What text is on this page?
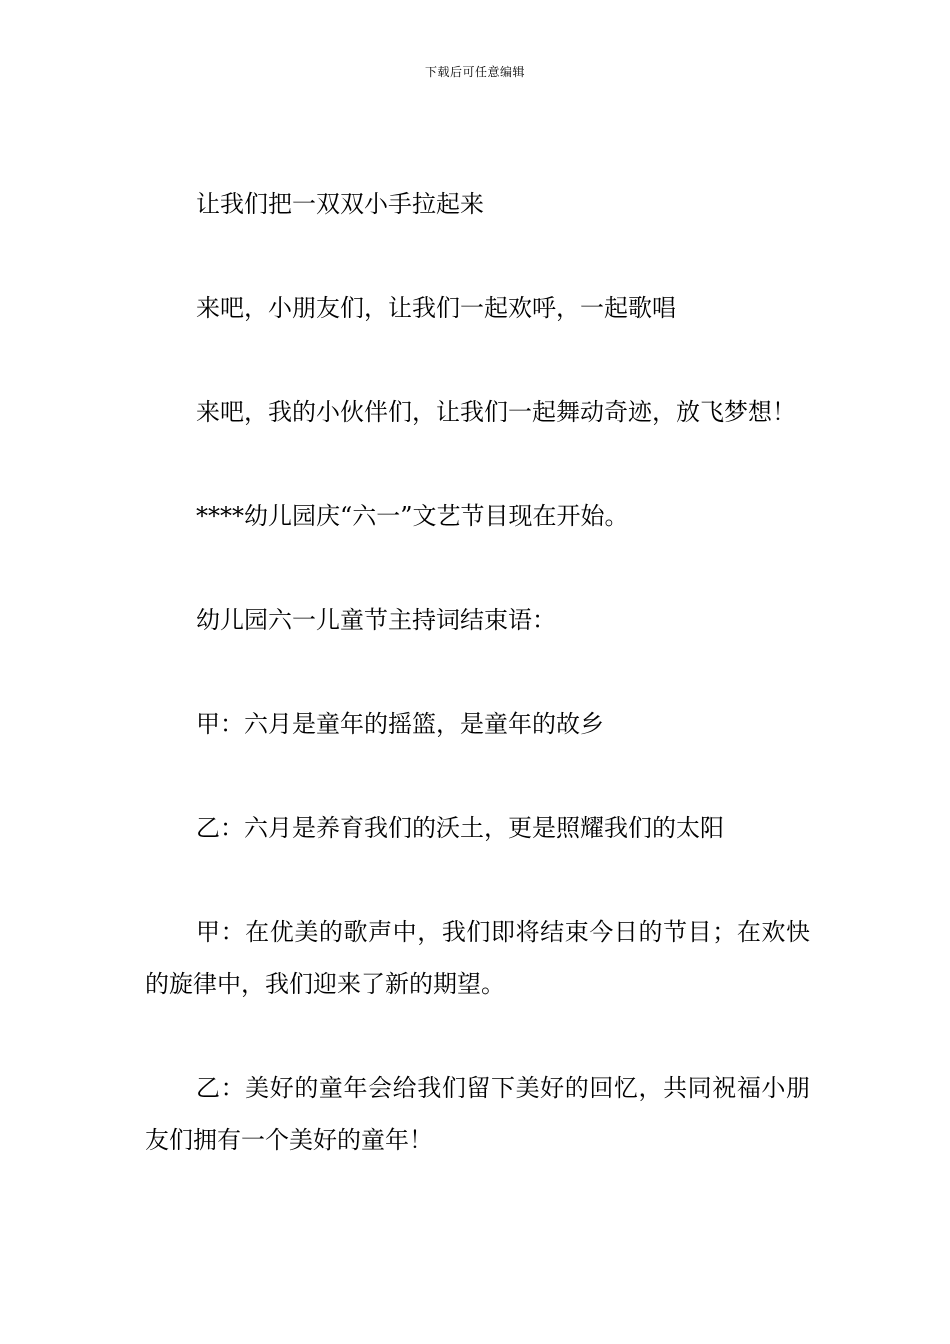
下载后可任意编辑

让我们把一双双小手拉起来

来吧，小朋友们，让我们一起欢呼，一起歌唱

来吧，我的小伙伴们，让我们一起舞动奇迹，放飞梦想！

****幼儿园庆“六一”文艺节目现在开始。

幼儿园六一儿童节主持词结束语：

甲：六月是童年的摇篮，是童年的故乡

乙：六月是养育我们的沃土，更是照耀我们的太阳

甲：在优美的歌声中，我们即将结束今日的节目；在欢快的旋律中，我们迎来了新的期望。

乙：美好的童年会给我们留下美好的回忆，共同祝福小朋友们拥有一个美好的童年！
